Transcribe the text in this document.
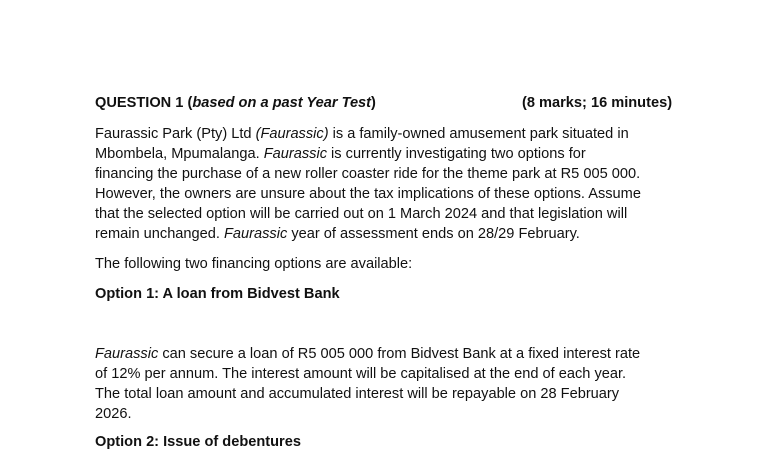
QUESTION 1 (based on a past Year Test)	(8 marks; 16 minutes)

Faurassic Park (Pty) Ltd (Faurassic) is a family-owned amusement park situated in
Mbombela, Mpumalanga. Faurassic is currently investigating two options for
financing the purchase of a new roller coaster ride for the theme park at R5 005 000.
However, the owners are unsure about the tax implications of these options. Assume
that the selected option will be carried out on 1 March 2024 and that legislation will
remain unchanged. Faurassic year of assessment ends on 28/29 February.

The following two financing options are available:

Option 1: A loan from Bidvest Bank

Faurassic can secure a loan of R5 005 000 from Bidvest Bank at a fixed interest rate
of 12% per annum. The interest amount will be capitalised at the end of each year.
The total loan amount and accumulated interest will be repayable on 28 February
2026.

Option 2: Issue of debentures
